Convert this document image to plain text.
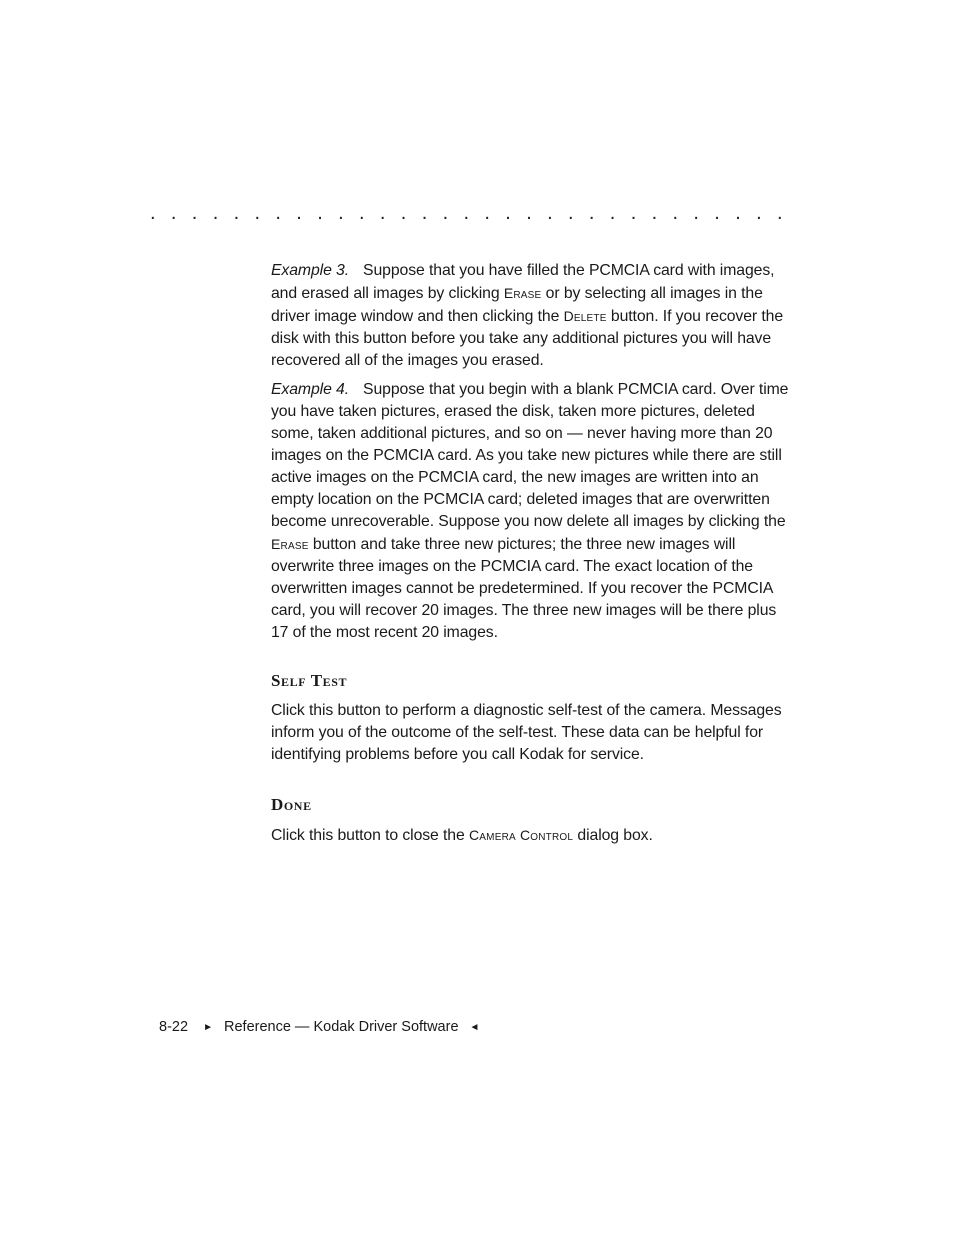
. . . . . . . . . . . . . . . . . . . . . . . . . . . . . . .

Example 3. Suppose that you have filled the PCMCIA card with images, and erased all images by clicking Erase or by selecting all images in the driver image window and then clicking the Delete button. If you recover the disk with this button before you take any additional pictures you will have recovered all of the images you erased.

Example 4. Suppose that you begin with a blank PCMCIA card. Over time you have taken pictures, erased the disk, taken more pictures, deleted some, taken additional pictures, and so on — never having more than 20 images on the PCMCIA card. As you take new pictures while there are still active images on the PCMCIA card, the new images are written into an empty location on the PCMCIA card; deleted images that are overwritten become unrecoverable. Suppose you now delete all images by clicking the Erase button and take three new pictures; the three new images will overwrite three images on the PCMCIA card. The exact location of the overwritten images cannot be predetermined. If you recover the PCMCIA card, you will recover 20 images. The three new images will be there plus 17 of the most recent 20 images.

Self Test

Click this button to perform a diagnostic self-test of the camera. Messages inform you of the outcome of the self-test. These data can be helpful for identifying problems before you call Kodak for service.

Done

Click this button to close the Camera Control dialog box.

8-22 ► Reference — Kodak Driver Software ◄
